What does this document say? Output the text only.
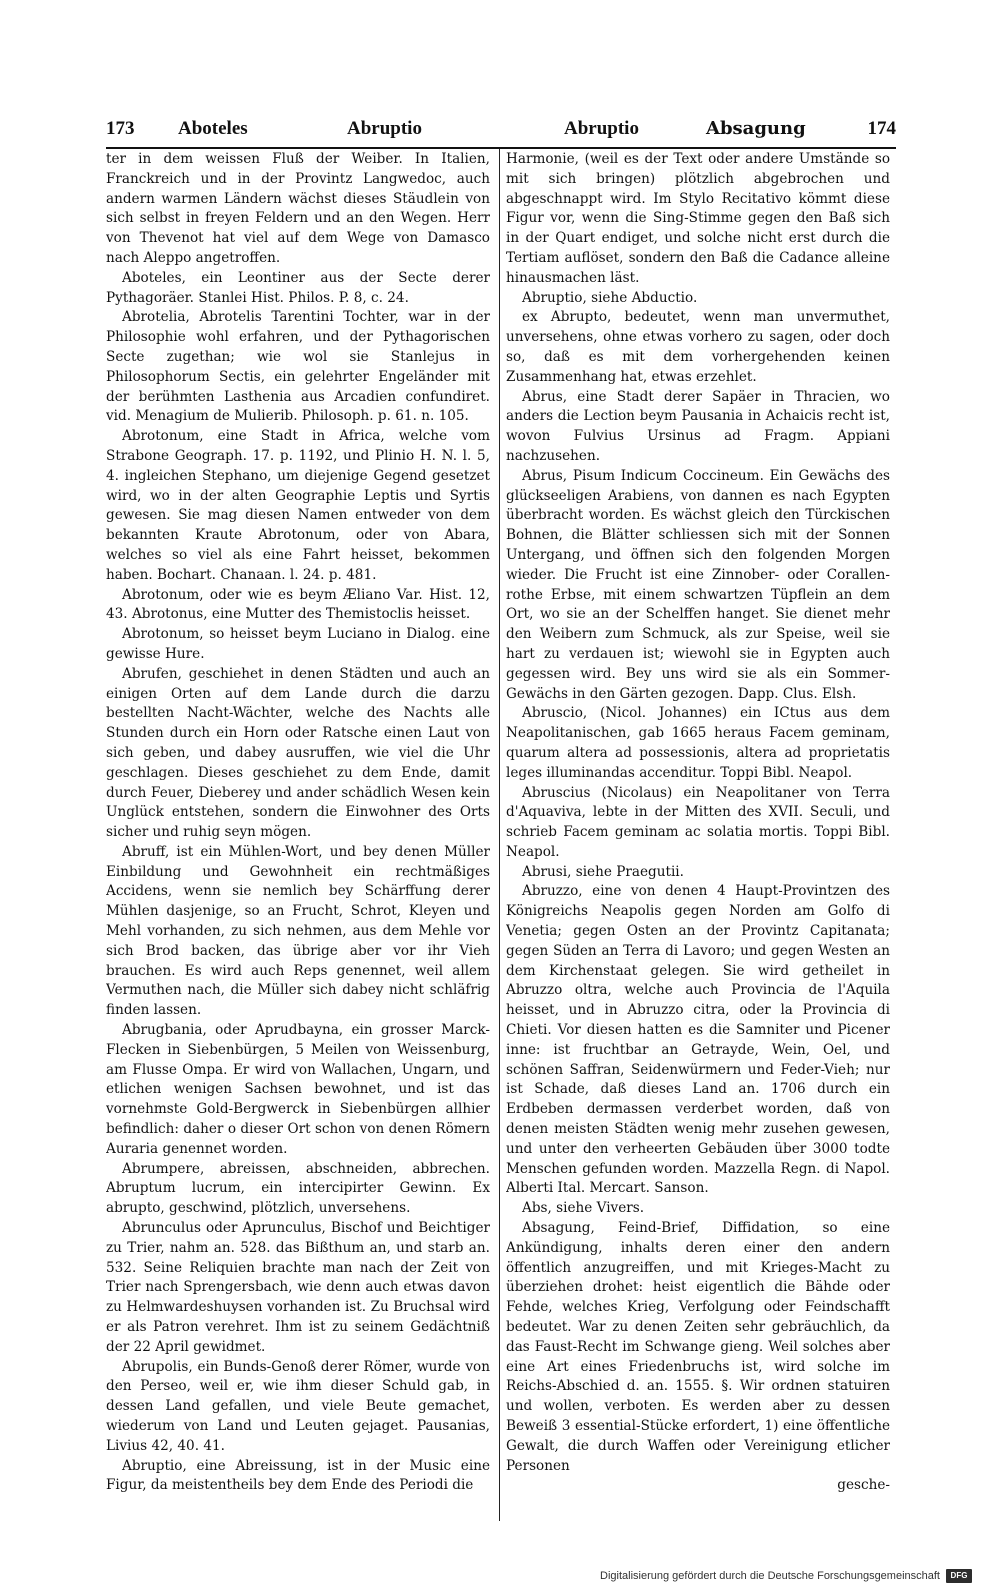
173 Aboteles	Abruptio	Abruptio	Absagung	174

ter in dem weissen Fluß der Weiber. In Italien, Franckreich und in der Provintz Langwedoc, auch andern warmen Ländern wächst dieses Stäudlein von sich selbst in freyen Feldern und an den Wegen. Herr von Thevenot hat viel auf dem Wege von Damasco nach Aleppo angetroffen.

Aboteles, ein Leontiner aus der Secte derer Pythagoräer. Stanlei Hist. Philos. P. 8, c. 24.

Abrotelia, Abrotelis Tarentini Tochter, war in der Philosophie wohl erfahren, und der Pythagorischen Secte zugethan; wie wol sie Stanlejus in Philosophorum Sectis, ein gelehrter Engeländer mit der berühmten Lasthenia aus Arcadien confundiret. vid. Menagium de Mulierib. Philosoph. p. 61. n. 105.

Abrotonum, eine Stadt in Africa, welche vom Strabone Geograph. 17. p. 1192, und Plinio H. N. l. 5, 4. ingleichen Stephano, um diejenige Gegend gesetzet wird, wo in der alten Geographie Leptis und Syrtis gewesen. Sie mag diesen Namen entweder von dem bekannten Kraute Abrotonum, oder von Abara, welches so viel als eine Fahrt heisset, bekommen haben. Bochart. Chanaan. l. 24. p. 481.

Abrotonum, oder wie es beym Æliano Var. Hist. 12, 43. Abrotonus, eine Mutter des Themistoclis heisset.

Abrotonum, so heisset beym Luciano in Dialog. eine gewisse Hure.

Abrufen, geschiehet in denen Städten und auch an einigen Orten auf dem Lande durch die darzu bestellten Nacht-Wächter, welche des Nachts alle Stunden durch ein Horn oder Ratsche einen Laut von sich geben, und dabey ausruffen, wie viel die Uhr geschlagen. Dieses geschiehet zu dem Ende, damit durch Feuer, Dieberey und ander schädlich Wesen kein Unglück entstehen, sondern die Einwohner des Orts sicher und ruhig seyn mögen.

Abruff, ist ein Mühlen-Wort, und bey denen Müller Einbildung und Gewohnheit ein rechtmäßiges Accidens, wenn sie nemlich bey Schärffung derer Mühlen dasjenige, so an Frucht, Schrot, Kleyen und Mehl vorhanden, zu sich nehmen, aus dem Mehle vor sich Brod backen, das übrige aber vor ihr Vieh brauchen. Es wird auch Reps genennet, weil allem Vermuthen nach, die Müller sich dabey nicht schläfrig finden lassen.

Abrugbania, oder Aprudbayna, ein grosser Marck-Flecken in Siebenbürgen, 5 Meilen von Weissenburg, am Flusse Ompa. Er wird von Wallachen, Ungarn, und etlichen wenigen Sachsen bewohnet, und ist das vornehmste Gold-Bergwerck in Siebenbürgen allhier befindlich: daher o dieser Ort schon von denen Römern Auraria genennet worden.

Abrumpere, abreissen, abschneiden, abbrechen. Abruptum lucrum, ein intercipirter Gewinn. Ex abrupto, geschwind, plötzlich, unversehens.

Abrunculus oder Aprunculus, Bischof und Beichtiger zu Trier, nahm an. 528. das Bißthum an, und starb an. 532. Seine Reliquien brachte man nach der Zeit von Trier nach Sprengersbach, wie denn auch etwas davon zu Helmwardeshuysen vorhanden ist. Zu Bruchsal wird er als Patron verehret. Ihm ist zu seinem Gedächtniß der 22 April gewidmet.

Abrupolis, ein Bunds-Genoß derer Römer, wurde von den Perseo, weil er, wie ihm dieser Schuld gab, in dessen Land gefallen, und viele Beute gemachet, wiederum von Land und Leuten gejaget. Pausanias, Livius 42, 40. 41.

Abruptio, eine Abreissung, ist in der Music eine Figur, da meistentheils bey dem Ende des Periodi die

Harmonie, (weil es der Text oder andere Umstände so mit sich bringen) plötzlich abgebrochen und abgeschnappt wird. Im Stylo Recitativo kömmt diese Figur vor, wenn die Sing-Stimme gegen den Baß sich in der Quart endiget, und solche nicht erst durch die Tertiam auflöset, sondern den Baß die Cadance alleine hinausmachen läst.

Abruptio, siehe Abductio.

ex Abrupto, bedeutet, wenn man unvermuthet, unversehens, ohne etwas vorhero zu sagen, oder doch so, daß es mit dem vorhergehenden keinen Zusammenhang hat, etwas erzehlet.

Abrus, eine Stadt derer Sapäer in Thracien, wo anders die Lection beym Pausania in Achaicis recht ist, wovon Fulvius Ursinus ad Fragm. Appiani nachzusehen.

Abrus, Pisum Indicum Coccineum. Ein Gewächs des glückseeligen Arabiens, von dannen es nach Egypten überbracht worden. Es wächst gleich den Türckischen Bohnen, die Blätter schliessen sich mit der Sonnen Untergang, und öffnen sich den folgenden Morgen wieder. Die Frucht ist eine Zinnober- oder Corallen-rothe Erbse, mit einem schwartzen Tüpflein an dem Ort, wo sie an der Schelffen hanget. Sie dienet mehr den Weibern zum Schmuck, als zur Speise, weil sie hart zu verdauen ist; wiewohl sie in Egypten auch gegessen wird. Bey uns wird sie als ein Sommer-Gewächs in den Gärten gezogen. Dapp. Clus. Elsh.

Abruscio, (Nicol. Johannes) ein ICtus aus dem Neapolitanischen, gab 1665 heraus Facem geminam, quarum altera ad possessionis, altera ad proprietatis leges illuminandas accenditur. Toppi Bibl. Neapol.

Abruscius (Nicolaus) ein Neapolitaner von Terra d'Aquaviva, lebte in der Mitten des XVII. Seculi, und schrieb Facem geminam ac solatia mortis. Toppi Bibl. Neapol.

Abrusi, siehe Praegutii.

Abruzzo, eine von denen 4 Haupt-Provintzen des Königreichs Neapolis gegen Norden am Golfo di Venetia; gegen Osten an der Provintz Capitanata; gegen Süden an Terra di Lavoro; und gegen Westen an dem Kirchenstaat gelegen. Sie wird getheilet in Abruzzo oltra, welche auch Provincia de l'Aquila heisset, und in Abruzzo citra, oder la Provincia di Chieti. Vor diesen hatten es die Samniter und Picener inne: ist fruchtbar an Getrayde, Wein, Oel, und schönen Saffran, Seidenwürmern und Feder-Vieh; nur ist Schade, daß dieses Land an. 1706 durch ein Erdbeben dermassen verderbet worden, daß von denen meisten Städten wenig mehr zusehen gewesen, und unter den verheerten Gebäuden über 3000 todte Menschen gefunden worden. Mazzella Regn. di Napol. Alberti Ital. Mercart. Sanson.

Abs, siehe Vivers.

Absagung, Feind-Brief, Diffidation, so eine Ankündigung, inhalts deren einer den andern öffentlich anzugreiffen, und mit Krieges-Macht zu überziehen drohet: heist eigentlich die Bähde oder Fehde, welches Krieg, Verfolgung oder Feindschafft bedeutet. War zu denen Zeiten sehr gebräuchlich, da das Faust-Recht im Schwange gieng. Weil solches aber eine Art eines Friedenbruchs ist, wird solche im Reichs-Abschied d. an. 1555. §. Wir ordnen statuiren und wollen, verboten. Es werden aber zu dessen Beweiß 3 essential-Stücke erfordert, 1) eine öffentliche Gewalt, die durch Waffen oder Vereinigung etlicher Personen

gesche-

Digitalisierung gefördert durch die Deutsche Forschungsgemeinschaft	DFG
